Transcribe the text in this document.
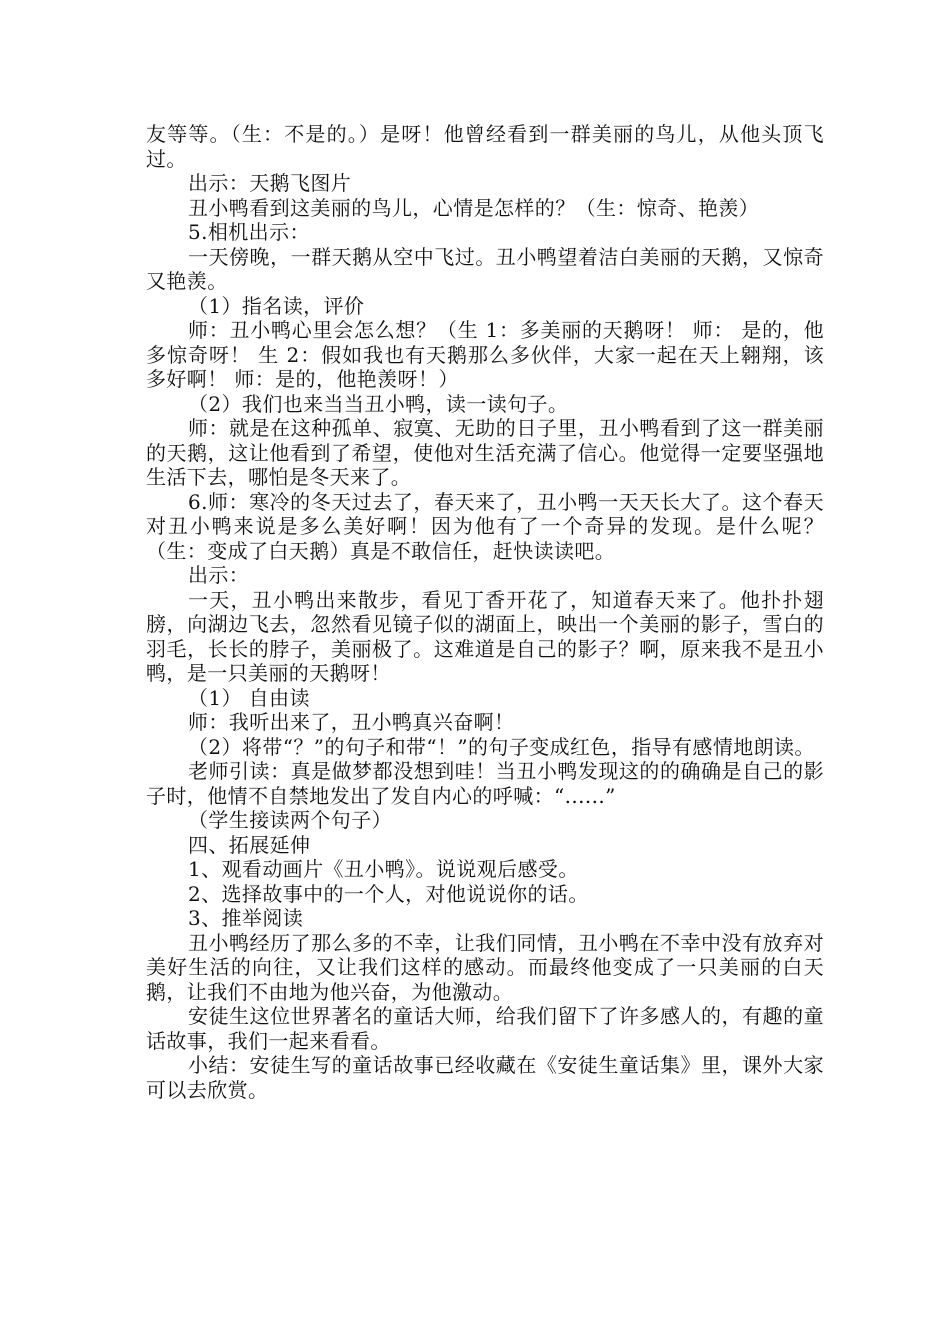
友等等。（生：不是的。）是呀！他曾经看到一群美丽的鸟儿，从他头顶飞过。

出示：天鹅飞图片

丑小鸭看到这美丽的鸟儿，心情是怎样的？（生：惊奇、艳羡）

5.相机出示：

一天傍晚，一群天鹅从空中飞过。丑小鸭望着洁白美丽的天鹅，又惊奇又艳羡。

（1）指名读，评价

师：丑小鸭心里会怎么想？（生 1：多美丽的天鹅呀！ 师： 是的，他多惊奇呀！ 生 2：假如我也有天鹅那么多伙伴，大家一起在天上翱翔，该多好啊！ 师：是的，他艳羡呀！）

（2）我们也来当当丑小鸭，读一读句子。

师：就是在这种孤单、寂寞、无助的日子里，丑小鸭看到了这一群美丽的天鹅，这让他看到了希望，使他对生活充满了信心。他觉得一定要坚强地生活下去，哪怕是冬天来了。

6.师：寒冷的冬天过去了，春天来了，丑小鸭一天天长大了。这个春天对丑小鸭来说是多么美好啊！因为他有了一个奇异的发现。是什么呢？（生：变成了白天鹅）真是不敢信任，赶快读读吧。

出示：

一天，丑小鸭出来散步，看见丁香开花了，知道春天来了。他扑扑翅膀，向湖边飞去，忽然看见镜子似的湖面上，映出一个美丽的影子，雪白的羽毛，长长的脖子，美丽极了。这难道是自己的影子？啊，原来我不是丑小鸭，是一只美丽的天鹅呀！

（1） 自由读

师：我听出来了，丑小鸭真兴奋啊！

（2）将带“？”的句子和带“！”的句子变成红色，指导有感情地朗读。

老师引读：真是做梦都没想到哇！当丑小鸭发现这的的确确是自己的影子时，他情不自禁地发出了发自内心的呼喊：“......”

（学生接读两个句子）

四、拓展延伸

1、观看动画片《丑小鸭》。说说观后感受。

2、选择故事中的一个人，对他说说你的话。

3、推举阅读

丑小鸭经历了那么多的不幸，让我们同情，丑小鸭在不幸中没有放弃对美好生活的向往，又让我们这样的感动。而最终他变成了一只美丽的白天鹅，让我们不由地为他兴奋，为他激动。

安徒生这位世界著名的童话大师，给我们留下了许多感人的，有趣的童话故事，我们一起来看看。

小结：安徒生写的童话故事已经收藏在《安徒生童话集》里，课外大家可以去欣赏。
